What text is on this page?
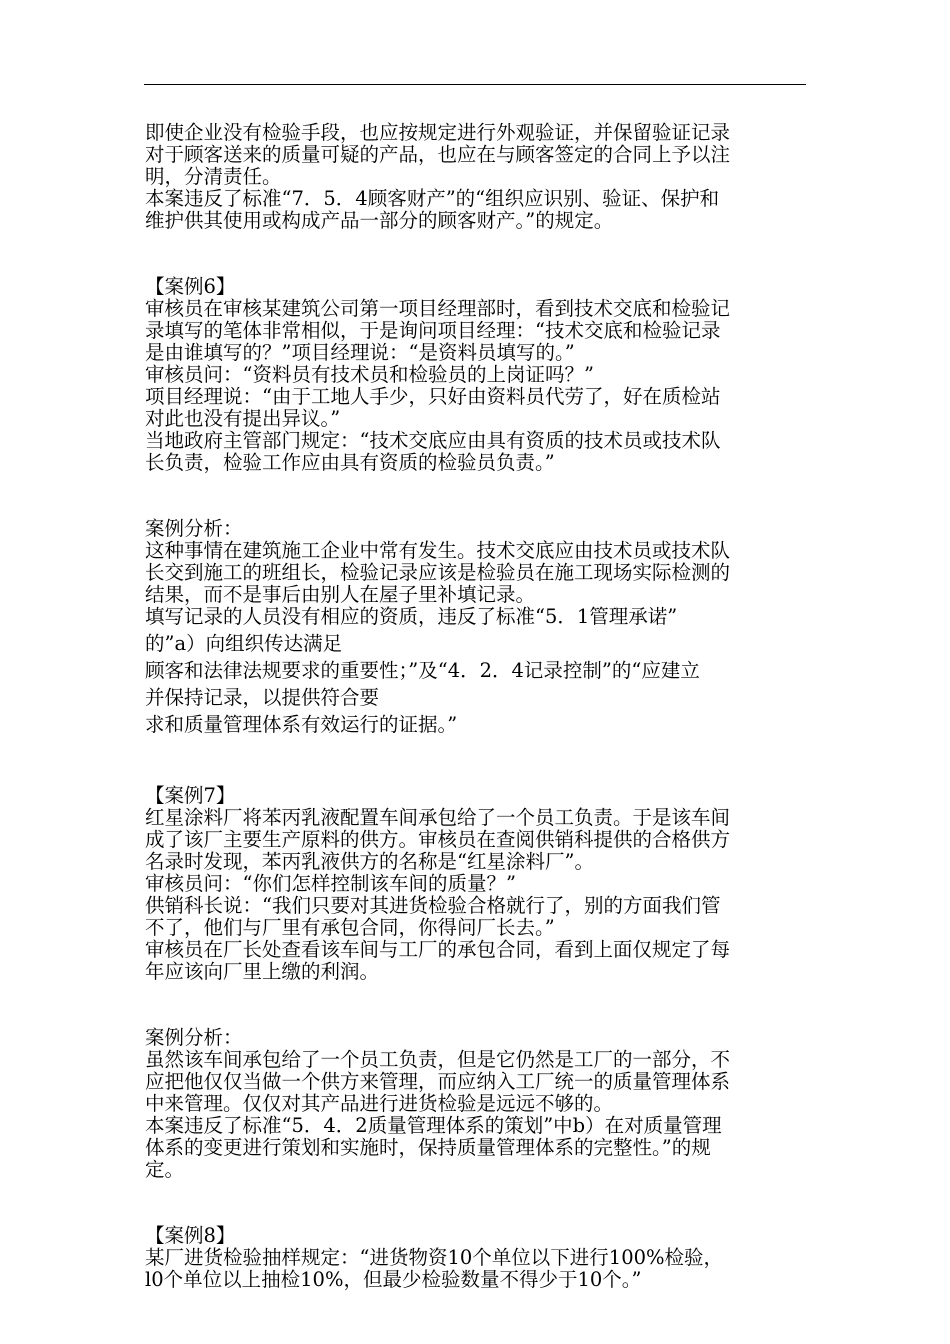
即使企业没有检验手段，也应按规定进行外观验证，并保留验证记录
对于顾客送来的质量可疑的产品，也应在与顾客签定的合同上予以注
明，分清责任。
本案违反了标准“7．5．4顾客财产”的“组织应识别、验证、保护和
维护供其使用或构成产品一部分的顾客财产。”的规定。
【案例6】
审核员在审核某建筑公司第一项目经理部时，看到技术交底和检验记
录填写的笔体非常相似，于是询问项目经理：“技术交底和检验记录
是由谁填写的？”项目经理说：“是资料员填写的。”
审核员问：“资料员有技术员和检验员的上岗证吗？”
项目经理说：“由于工地人手少，只好由资料员代劳了，好在质检站
对此也没有提出异议。”
当地政府主管部门规定：“技术交底应由具有资质的技术员或技术队
长负责，检验工作应由具有资质的检验员负责。”
案例分析：
这种事情在建筑施工企业中常有发生。技术交底应由技术员或技术队
长交到施工的班组长，检验记录应该是检验员在施工现场实际检测的
结果，而不是事后由别人在屋子里补填记录。
填写记录的人员没有相应的资质，违反了标准“5．1管理承诺”
的”a）向组织传达满足
顾客和法律法规要求的重要性；”及“4．2．4记录控制”的“应建立
并保持记录，以提供符合要
求和质量管理体系有效运行的证据。”
【案例7】
红星涂料厂将苯丙乳液配置车间承包给了一个员工负责。于是该车间
成了该厂主要生产原料的供方。审核员在查阅供销科提供的合格供方
名录时发现，苯丙乳液供方的名称是“红星涂料厂”。
审核员问：“你们怎样控制该车间的质量？”
供销科长说：“我们只要对其进货检验合格就行了，别的方面我们管
不了，他们与厂里有承包合同，你得问厂长去。”
审核员在厂长处查看该车间与工厂的承包合同，看到上面仅规定了每
年应该向厂里上缴的利润。
案例分析：
虽然该车间承包给了一个员工负责，但是它仍然是工厂的一部分，不
应把他仅仅当做一个供方来管理，而应纳入工厂统一的质量管理体系
中来管理。仅仅对其产品进行进货检验是远远不够的。
本案违反了标准“5．4．2质量管理体系的策划”中b）在对质量管理
体系的变更进行策划和实施时，保持质量管理体系的完整性。”的规
定。
【案例8】
某厂进货检验抽样规定：“进货物资10个单位以下进行100%检验，
l0个单位以上抽检10%，但最少检验数量不得少于10个。”
